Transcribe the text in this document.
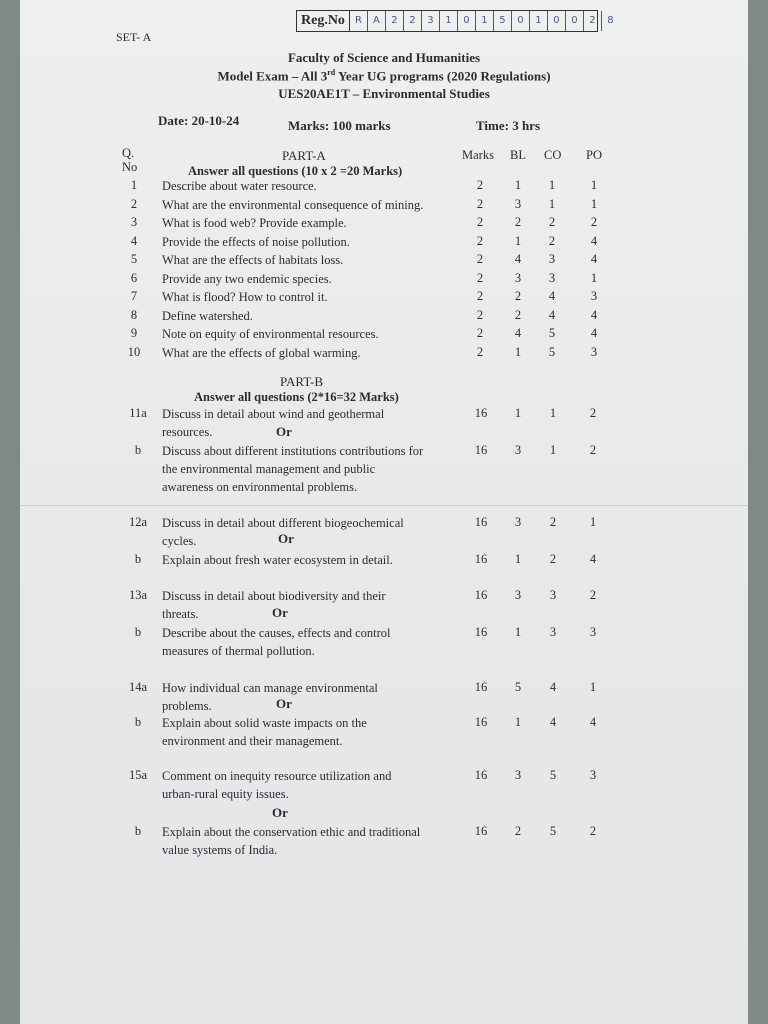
SET- A
Reg.No	R	A	2	2	3	1	0	1	5	0	1	0	0	2	8
Faculty of Science and Humanities
Model Exam – All 3rd Year UG programs (2020 Regulations)
UES20AE1T – Environmental Studies
Date: 20-10-24	Marks: 100 marks	Time: 3 hrs
Q.
No
PART-A
Answer all questions (10 x 2 =20 Marks)
Marks BL CO PO
1	Describe about water resource.	2	1	1	1
2	What are the environmental consequence of mining.	2	3	1	1
3	What is food web? Provide example.	2	2	2	2
4	Provide the effects of noise pollution.	2	1	2	4
5	What are the effects of habitats loss.	2	4	3	4
6	Provide any two endemic species.	2	3	3	1
7	What is flood? How to control it.	2	2	4	3
8	Define watershed.	2	2	4	4
9	Note on equity of environmental resources.	2	4	5	4
10	What are the effects of global warming.	2	1	5	3
PART-B
Answer all questions (2*16=32 Marks)
11a	Discuss in detail about wind and geothermal
resources.
16	1	1	2
Or
b	Discuss about different institutions contributions for
the environmental management and public
awareness on environmental problems.
16	3	1	2
12a	Discuss in detail about different biogeochemical
cycles.
16	3	2	1
Or
b	Explain about fresh water ecosystem in detail.	16	1	2	4
13a	Discuss in detail about biodiversity and their
threats.
16	3	3	2
Or
b	Describe about the causes, effects and control
measures of thermal pollution.
16	1	3	3
14a	How individual can manage environmental
problems.
16	5	4	1
Or
b	Explain about solid waste impacts on the
environment and their management.
16	1	4	4
15a	Comment on inequity resource utilization and
urban-rural equity issues.
16	3	5	3
Or
b	Explain about the conservation ethic and traditional
value systems of India.
16	2	5	2
